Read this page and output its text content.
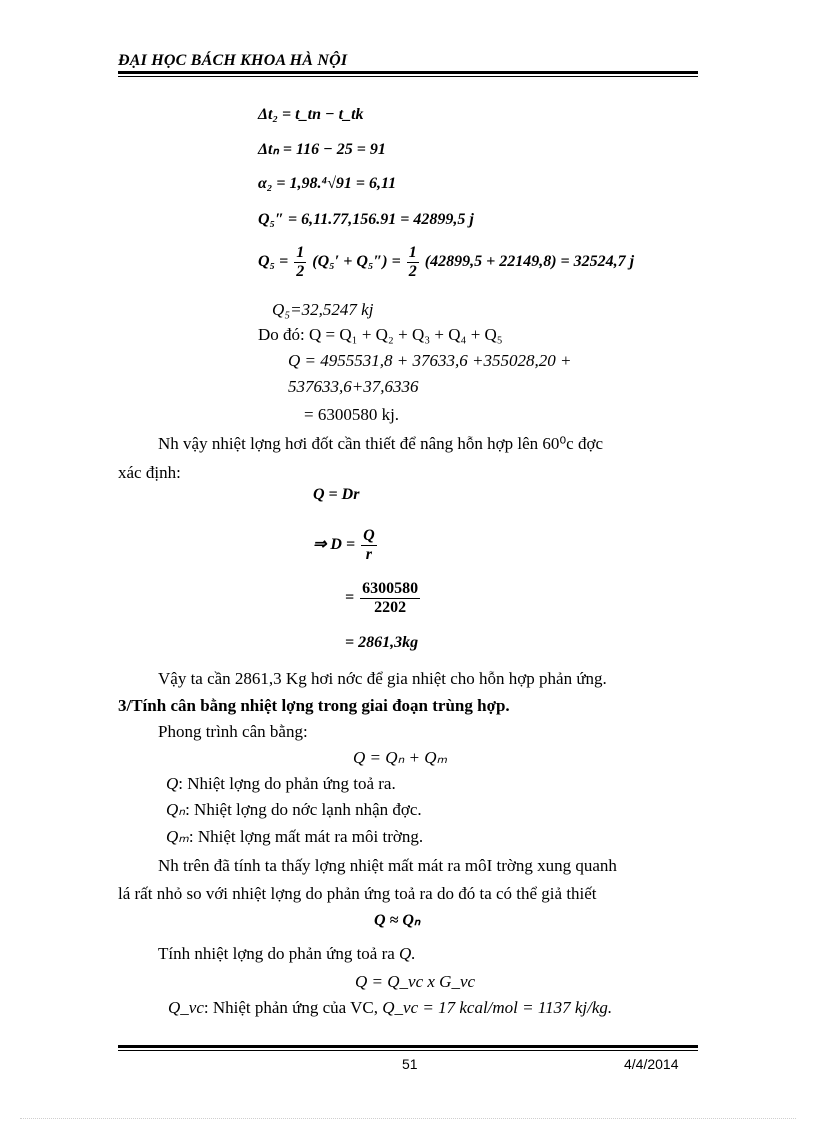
ĐẠI HỌC BÁCH KHOA HÀ NỘI
Δt₂ = t_tn − t_tk
Δtₙ = 116 − 25 = 91
α₂ = 1,98.⁴√91 = 6,11
Q₅″ = 6,11.77,156.91 = 42899,5 j
$Q_5 = \frac{1}{2} (Q_5' + Q_5'') = \frac{1}{2} (42899,5 + 22149,8) = 32524,7$ j
Q₅=32,5247 kj
Do đó: Q = Q₁ + Q₂ + Q₃ + Q₄ + Q₅
Q = 4955531,8 + 37633,6 +355028,20 +
537633,6+37,6336
= 6300580 kj.
Nh vậy nhiệt lợng hơi đốt cần thiết để nâng hỗn hợp lên 60⁰c đợc
xác định:
Q = Dr
⇒ $D = \frac{Q}{r}$
= $\frac{6300580}{2202}$
= 2861,3kg
Vậy ta cần 2861,3 Kg hơi nớc để gia nhiệt cho hỗn hợp phản ứng.
3/Tính cân bằng nhiệt lợng trong giai đoạn trùng hợp.
Phong trình cân bằng:
Q = Qₙ + Qₘ
Q: Nhiệt lợng do phản ứng toả ra.
Qₙ: Nhiệt lợng do nớc lạnh nhận đợc.
Qₘ: Nhiệt lợng mất mát ra môi trờng.
Nh trên đã tính ta thấy lợng nhiệt mất mát ra môI trờng xung quanh
lá rất nhỏ so với nhiệt lợng do phản ứng toả ra do đó ta có thể giả thiết
Q ≈ Qₙ
Tính nhiệt lợng do phản ứng toả ra Q.
Q = Q_vc x G_vc
Q_vc: Nhiệt phản ứng của VC, Q_vc = 17 kcal/mol = 1137 kj/kg.
51	4/4/2014
